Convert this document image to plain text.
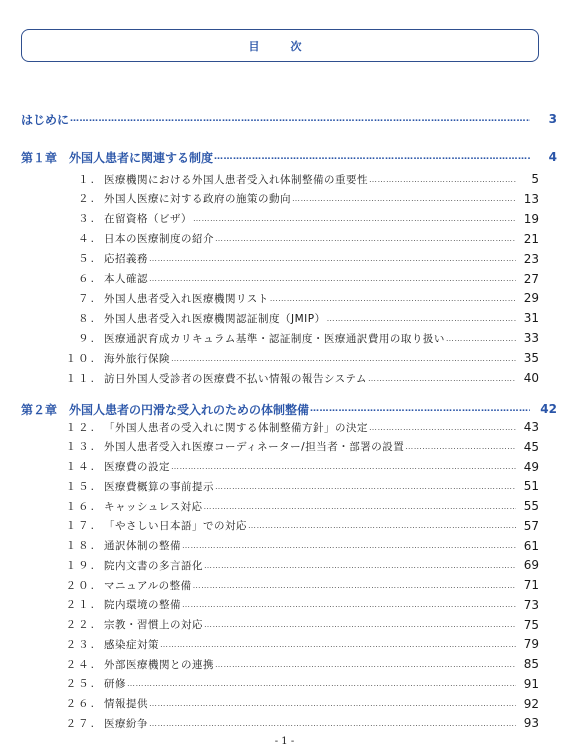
目　次
はじめに …………………………………………………………………………………………………………………………………………………………………………………	3
第１章　外国人患者に関連する制度 …………………………………………………………………………………………………………………………………………………………………………………	4
１. 医療機関における外国人患者受入れ体制整備の重要性 …………………………………………………………………………………………………………………………………………………………………………………	5
２. 外国人医療に対する政府の施策の動向 …………………………………………………………………………………………………………………………………………………………………………………	13
３. 在留資格（ビザ） …………………………………………………………………………………………………………………………………………………………………………………	19
４. 日本の医療制度の紹介 …………………………………………………………………………………………………………………………………………………………………………………	21
５. 応招義務 …………………………………………………………………………………………………………………………………………………………………………………	23
６. 本人確認 …………………………………………………………………………………………………………………………………………………………………………………	27
７. 外国人患者受入れ医療機関リスト …………………………………………………………………………………………………………………………………………………………………………………	29
８. 外国人患者受入れ医療機関認証制度（JMIP） …………………………………………………………………………………………………………………………………………………………………………………	31
９. 医療通訳育成カリキュラム基準・認証制度・医療通訳費用の取り扱い …………………………………………………………………………………………………………………………………………………………………………………	33
１０. 海外旅行保険 …………………………………………………………………………………………………………………………………………………………………………………	35
１１. 訪日外国人受診者の医療費不払い情報の報告システム …………………………………………………………………………………………………………………………………………………………………………………	40
第２章　外国人患者の円滑な受入れのための体制整備 …………………………………………………………………………………………………………………………………………………………………………………	42
１２. 「外国人患者の受入れに関する体制整備方針」の決定 …………………………………………………………………………………………………………………………………………………………………………………	43
１３. 外国人患者受入れ医療コーディネーター/担当者・部署の設置 …………………………………………………………………………………………………………………………………………………………………………………	45
１４. 医療費の設定 …………………………………………………………………………………………………………………………………………………………………………………	49
１５. 医療費概算の事前提示 …………………………………………………………………………………………………………………………………………………………………………………	51
１６. キャッシュレス対応 …………………………………………………………………………………………………………………………………………………………………………………	55
１７. 「やさしい日本語」での対応 …………………………………………………………………………………………………………………………………………………………………………………	57
１８. 通訳体制の整備 …………………………………………………………………………………………………………………………………………………………………………………	61
１９. 院内文書の多言語化 …………………………………………………………………………………………………………………………………………………………………………………	69
２０. マニュアルの整備 …………………………………………………………………………………………………………………………………………………………………………………	71
２１. 院内環境の整備 …………………………………………………………………………………………………………………………………………………………………………………	73
２２. 宗教・習慣上の対応 …………………………………………………………………………………………………………………………………………………………………………………	75
２３. 感染症対策 …………………………………………………………………………………………………………………………………………………………………………………	79
２４. 外部医療機関との連携 …………………………………………………………………………………………………………………………………………………………………………………	85
２５. 研修 …………………………………………………………………………………………………………………………………………………………………………………	91
２６. 情報提供 …………………………………………………………………………………………………………………………………………………………………………………	92
２７. 医療紛争 …………………………………………………………………………………………………………………………………………………………………………………	93
- 1 -
